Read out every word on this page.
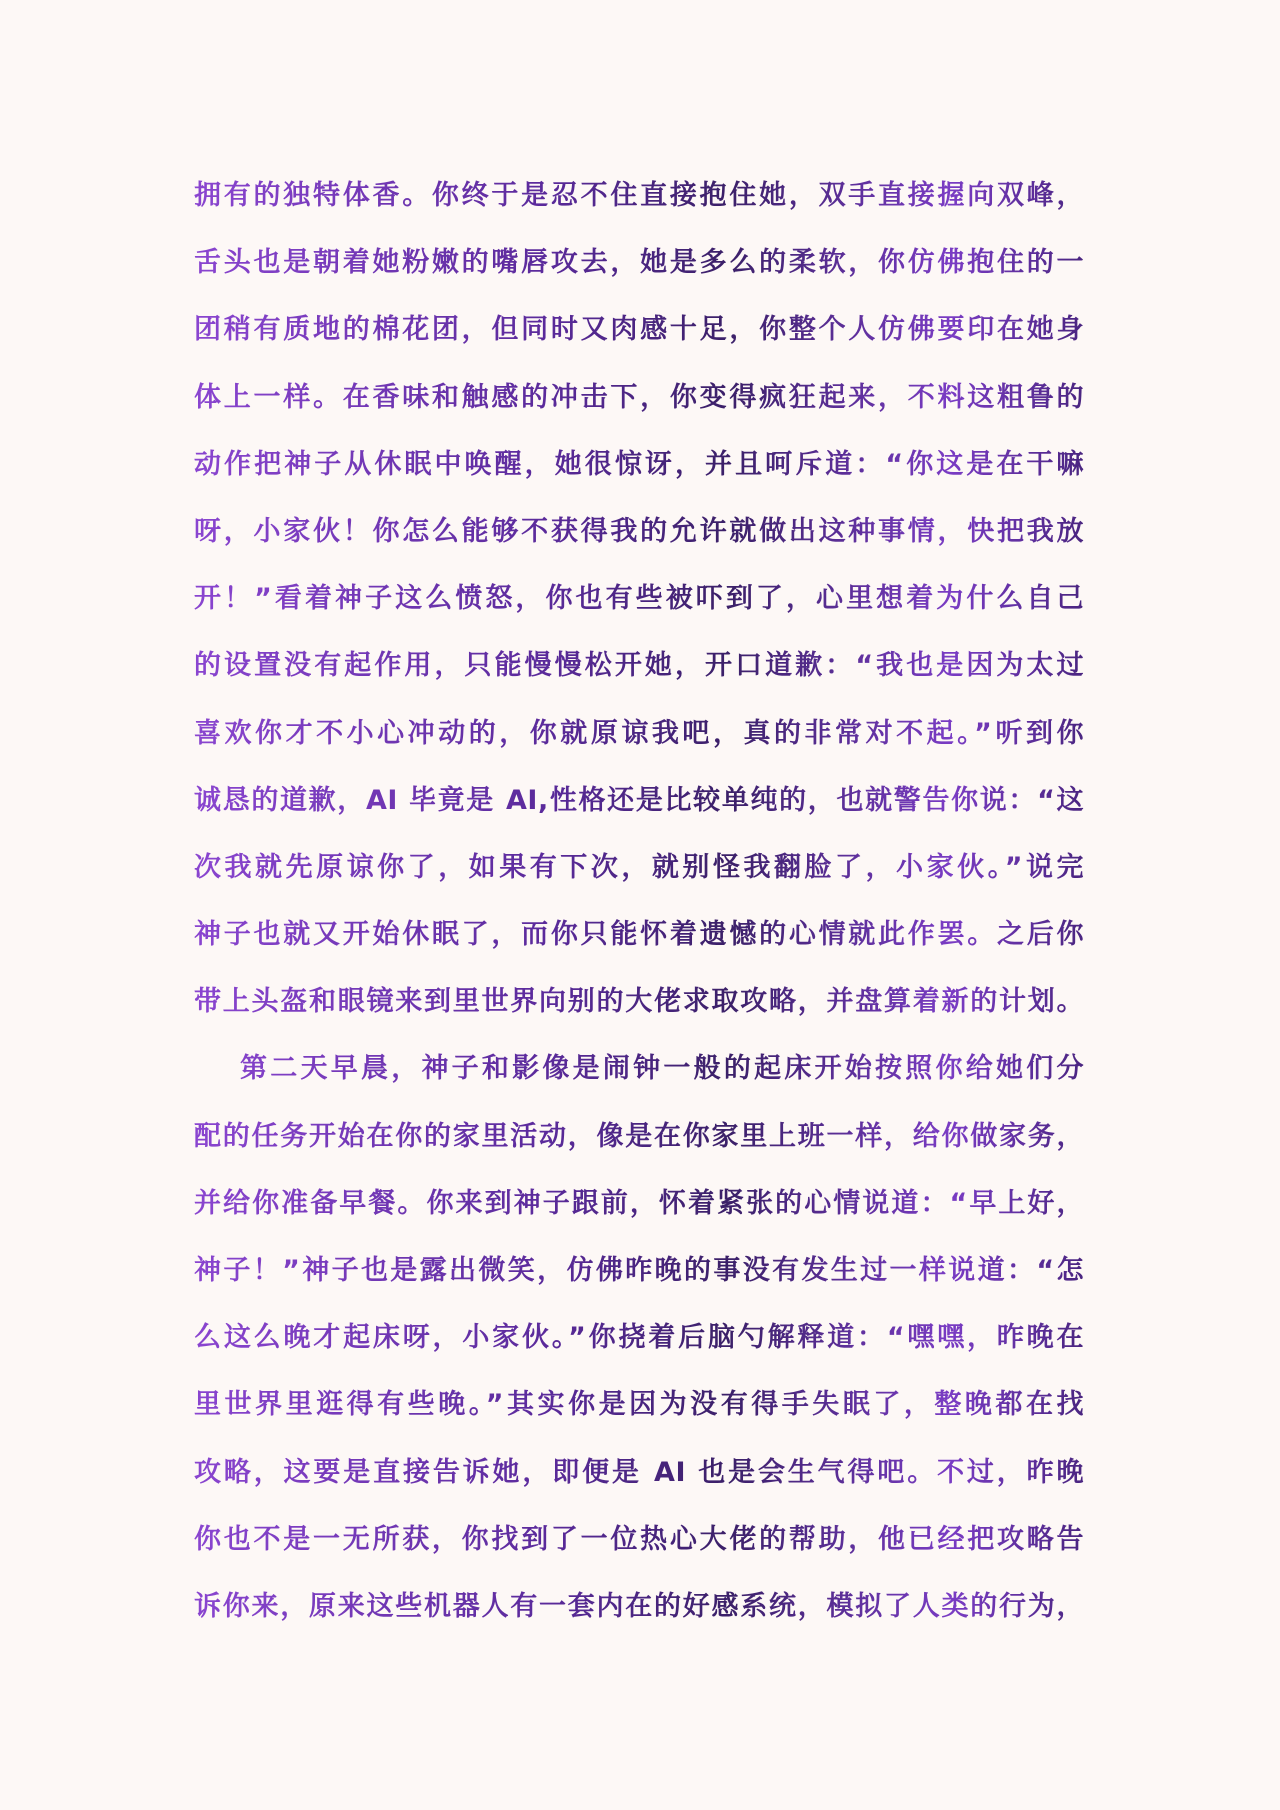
拥有的独特体香。你终于是忍不住直接抱住她，双手直接握向双峰，
舌头也是朝着她粉嫩的嘴唇攻去，她是多么的柔软，你仿佛抱住的一
团稍有质地的棉花团，但同时又肉感十足，你整个人仿佛要印在她身
体上一样。在香味和触感的冲击下，你变得疯狂起来，不料这粗鲁的
动作把神子从休眠中唤醒，她很惊讶，并且呵斥道：“你这是在干嘛
呀，小家伙！你怎么能够不获得我的允许就做出这种事情，快把我放
开！”看着神子这么愤怒，你也有些被吓到了，心里想着为什么自己
的设置没有起作用，只能慢慢松开她，开口道歉：“我也是因为太过
喜欢你才不小心冲动的，你就原谅我吧，真的非常对不起。”听到你
诚恳的道歉，AI 毕竟是 AI,性格还是比较单纯的，也就警告你说：“这
次我就先原谅你了，如果有下次，就别怪我翻脸了，小家伙。”说完
神子也就又开始休眠了，而你只能怀着遗憾的心情就此作罢。之后你
带上头盔和眼镜来到里世界向别的大佬求取攻略，并盘算着新的计划。
第二天早晨，神子和影像是闹钟一般的起床开始按照你给她们分
配的任务开始在你的家里活动，像是在你家里上班一样，给你做家务，
并给你准备早餐。你来到神子跟前，怀着紧张的心情说道：“早上好，
神子！”神子也是露出微笑，仿佛昨晚的事没有发生过一样说道：“怎
么这么晚才起床呀，小家伙。”你挠着后脑勺解释道：“嘿嘿，昨晚在
里世界里逛得有些晚。”其实你是因为没有得手失眠了，整晚都在找
攻略，这要是直接告诉她，即便是 AI 也是会生气得吧。不过，昨晚
你也不是一无所获，你找到了一位热心大佬的帮助，他已经把攻略告
诉你来，原来这些机器人有一套内在的好感系统，模拟了人类的行为，
